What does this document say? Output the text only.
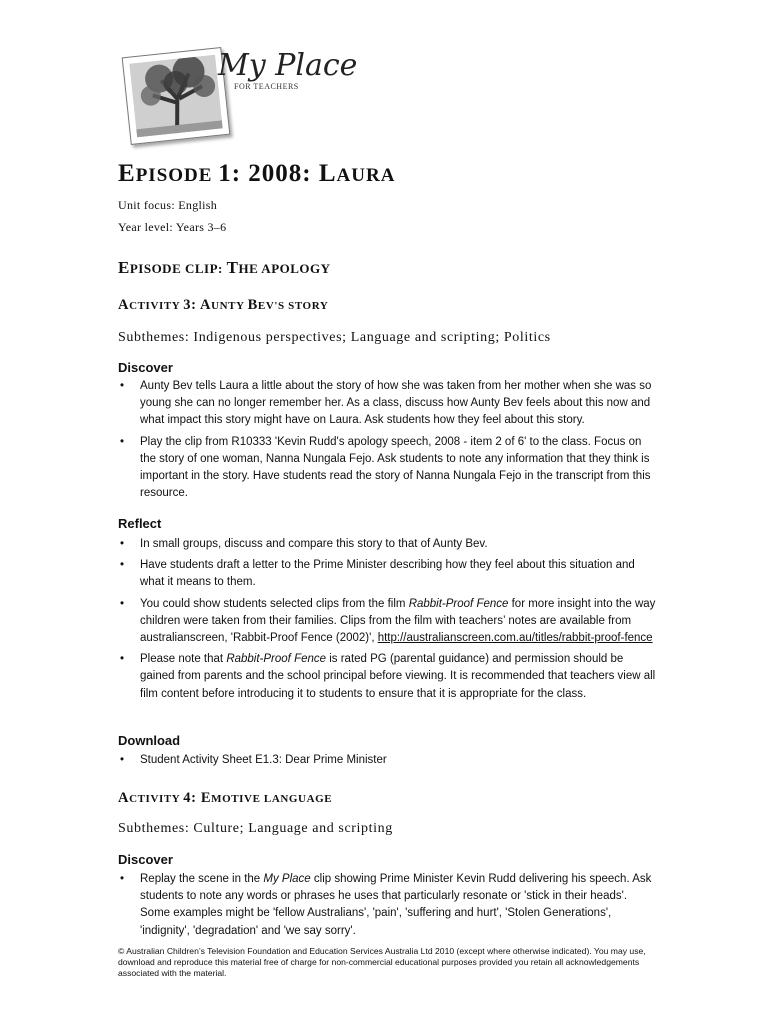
My Place
FOR TEACHERS
EPISODE 1: 2008: LAURA
Unit focus: English
Year level: Years 3–6
EPISODE CLIP: THE APOLOGY
ACTIVITY 3: AUNTY BEV'S STORY
Subthemes: Indigenous perspectives; Language and scripting; Politics
Discover
• Aunty Bev tells Laura a little about the story of how she was taken from her mother when she was so young she can no longer remember her. As a class, discuss how Aunty Bev feels about this now and what impact this story might have on Laura. Ask students how they feel about this story.
• Play the clip from R10333 'Kevin Rudd's apology speech, 2008 - item 2 of 6' to the class. Focus on the story of one woman, Nanna Nungala Fejo. Ask students to note any information that they think is important in the story. Have students read the story of Nanna Nungala Fejo in the transcript from this resource.
Reflect
• In small groups, discuss and compare this story to that of Aunty Bev.
• Have students draft a letter to the Prime Minister describing how they feel about this situation and what it means to them.
• You could show students selected clips from the film Rabbit-Proof Fence for more insight into the way children were taken from their families. Clips from the film with teachers’ notes are available from australianscreen, 'Rabbit-Proof Fence (2002)', http://australianscreen.com.au/titles/rabbit-proof-fence
• Please note that Rabbit-Proof Fence is rated PG (parental guidance) and permission should be gained from parents and the school principal before viewing. It is recommended that teachers view all film content before introducing it to students to ensure that it is appropriate for the class.
Download
• Student Activity Sheet E1.3: Dear Prime Minister
ACTIVITY 4: EMOTIVE LANGUAGE
Subthemes: Culture; Language and scripting
Discover
• Replay the scene in the My Place clip showing Prime Minister Kevin Rudd delivering his speech. Ask students to note any words or phrases he uses that particularly resonate or 'stick in their heads'. Some examples might be 'fellow Australians', 'pain', 'suffering and hurt', 'Stolen Generations', 'indignity', 'degradation' and 'we say sorry'.
© Australian Children’s Television Foundation and Education Services Australia Ltd 2010 (except where otherwise indicated). You may use, download and reproduce this material free of charge for non-commercial educational purposes provided you retain all acknowledgements associated with the material.
